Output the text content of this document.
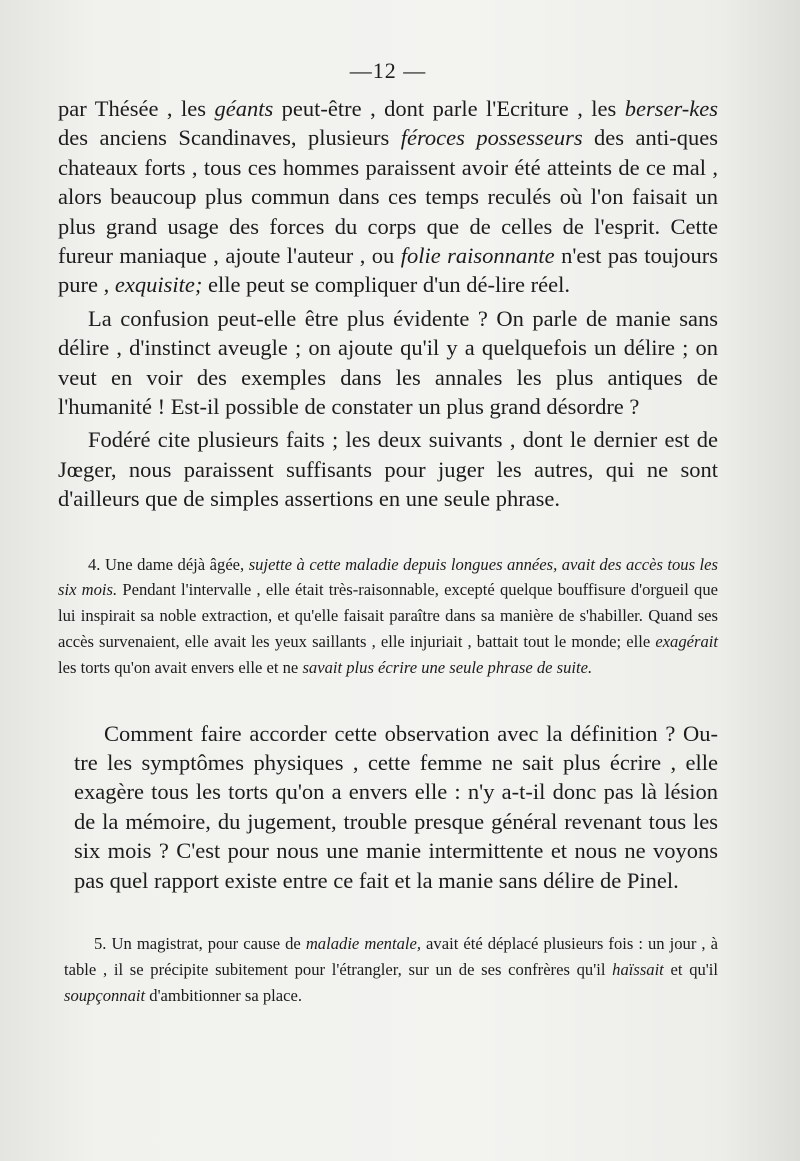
—12 —

par Thésée , les géants peut-être , dont parle l'Ecriture , les berser-kes des anciens Scandinaves, plusieurs féroces possesseurs des anti-ques chateaux forts , tous ces hommes paraissent avoir été atteints de ce mal , alors beaucoup plus commun dans ces temps reculés où l'on faisait un plus grand usage des forces du corps que de celles de l'esprit. Cette fureur maniaque , ajoute l'auteur , ou folie raisonnante n'est pas toujours pure , exquisite; elle peut se compliquer d'un dé-lire réel.

La confusion peut-elle être plus évidente ? On parle de manie sans délire , d'instinct aveugle ; on ajoute qu'il y a quelquefois un délire ; on veut en voir des exemples dans les annales les plus antiques de l'humanité ! Est-il possible de constater un plus grand désordre ?

Fodéré cite plusieurs faits ; les deux suivants , dont le dernier est de Jœger, nous paraissent suffisants pour juger les autres, qui ne sont d'ailleurs que de simples assertions en une seule phrase.

4. Une dame déjà âgée, sujette à cette maladie depuis longues années, avait des accès tous les six mois. Pendant l'intervalle , elle était très-raisonnable, excepté quelque bouffisure d'orgueil que lui inspirait sa noble extraction, et qu'elle faisait paraître dans sa manière de s'habiller. Quand ses accès survenaient, elle avait les yeux saillants , elle injuriait , battait tout le monde; elle exagérait les torts qu'on avait envers elle et ne savait plus écrire une seule phrase de suite.

Comment faire accorder cette observation avec la définition ? Ou-tre les symptômes physiques , cette femme ne sait plus écrire , elle exagère tous les torts qu'on a envers elle : n'y a-t-il donc pas là lésion de la mémoire, du jugement, trouble presque général revenant tous les six mois ? C'est pour nous une manie intermittente et nous ne voyons pas quel rapport existe entre ce fait et la manie sans délire de Pinel.

5. Un magistrat, pour cause de maladie mentale, avait été déplacé plusieurs fois : un jour , à table , il se précipite subitement pour l'étrangler, sur un de ses confrères qu'il haïssait et qu'il soupçonnait d'ambitionner sa place.
